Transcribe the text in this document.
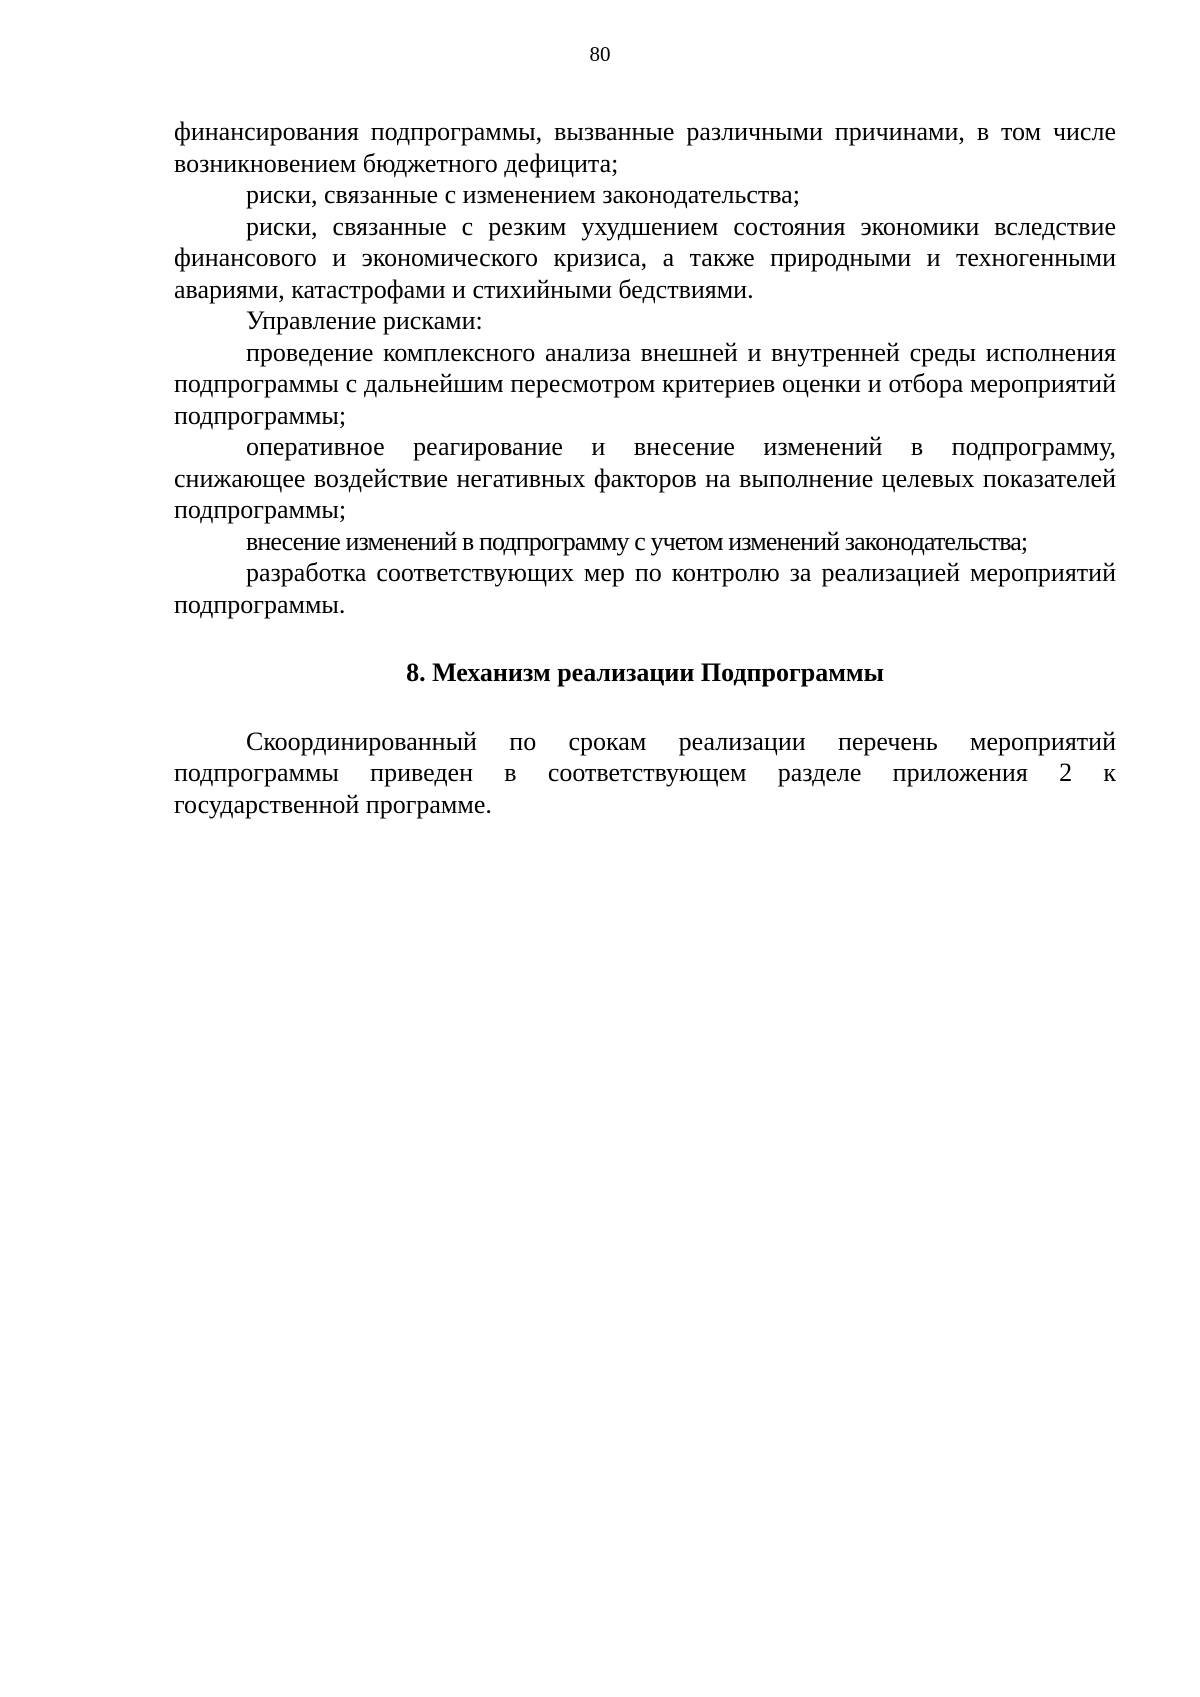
80

финансирования подпрограммы, вызванные различными причинами, в том числе возникновением бюджетного дефицита;

риски, связанные с изменением законодательства;

риски, связанные с резким ухудшением состояния экономики вследствие финансового и экономического кризиса, а также природными и техногенными авариями, катастрофами и стихийными бедствиями.

Управление рисками:

проведение комплексного анализа внешней и внутренней среды исполнения подпрограммы с дальнейшим пересмотром критериев оценки и отбора мероприятий подпрограммы;

оперативное реагирование и внесение изменений в подпрограмму, снижающее воздействие негативных факторов на выполнение целевых показателей подпрограммы;

внесение изменений в подпрограмму с учетом изменений законодательства;

разработка соответствующих мер по контролю за реализацией мероприятий подпрограммы.

8. Механизм реализации Подпрограммы

Скоординированный по срокам реализации перечень мероприятий подпрограммы приведен в соответствующем разделе приложения 2 к государственной программе.
